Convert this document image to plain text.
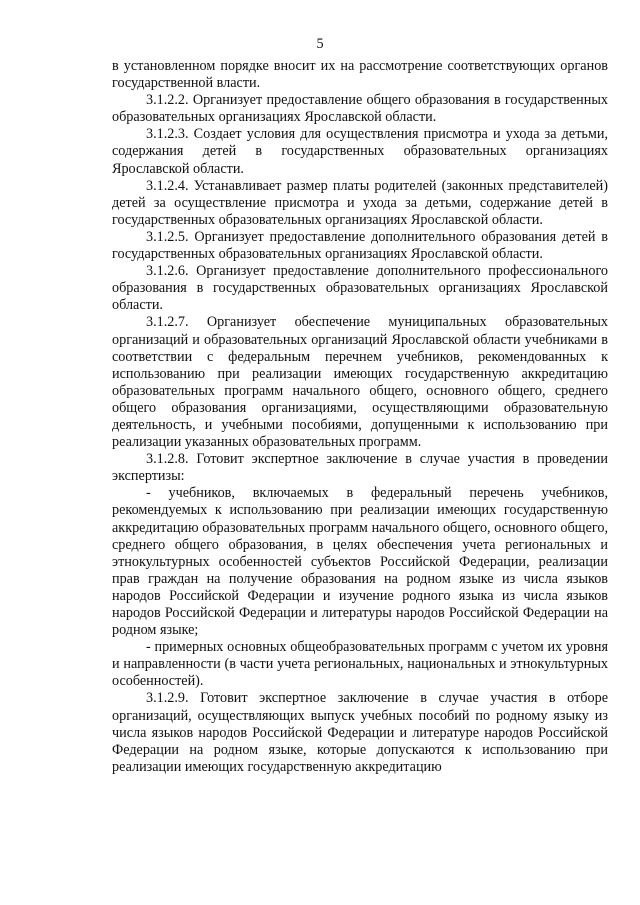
5

в установленном порядке вносит их на рассмотрение соответствующих органов государственной власти.

3.1.2.2. Организует предоставление общего образования в государственных образовательных организациях Ярославской области.

3.1.2.3. Создает условия для осуществления присмотра и ухода за детьми, содержания детей в государственных образовательных организациях Ярославской области.

3.1.2.4. Устанавливает размер платы родителей (законных представителей) детей за осуществление присмотра и ухода за детьми, содержание детей в государственных образовательных организациях Ярославской области.

3.1.2.5. Организует предоставление дополнительного образования детей в государственных образовательных организациях Ярославской области.

3.1.2.6. Организует предоставление дополнительного профессионального образования в государственных образовательных организациях Ярославской области.

3.1.2.7. Организует обеспечение муниципальных образовательных организаций и образовательных организаций Ярославской области учебниками в соответствии с федеральным перечнем учебников, рекомендованных к использованию при реализации имеющих государственную аккредитацию образовательных программ начального общего, основного общего, среднего общего образования организациями, осуществляющими образовательную деятельность, и учебными пособиями, допущенными к использованию при реализации указанных образовательных программ.

3.1.2.8. Готовит экспертное заключение в случае участия в проведении экспертизы:

- учебников, включаемых в федеральный перечень учебников, рекомендуемых к использованию при реализации имеющих государственную аккредитацию образовательных программ начального общего, основного общего, среднего общего образования, в целях обеспечения учета региональных и этнокультурных особенностей субъектов Российской Федерации, реализации прав граждан на получение образования на родном языке из числа языков народов Российской Федерации и изучение родного языка из числа языков народов Российской Федерации и литературы народов Российской Федерации на родном языке;

- примерных основных общеобразовательных программ с учетом их уровня и направленности (в части учета региональных, национальных и этнокультурных особенностей).

3.1.2.9. Готовит экспертное заключение в случае участия в отборе организаций, осуществляющих выпуск учебных пособий по родному языку из числа языков народов Российской Федерации и литературе народов Российской Федерации на родном языке, которые допускаются к использованию при реализации имеющих государственную аккредитацию
